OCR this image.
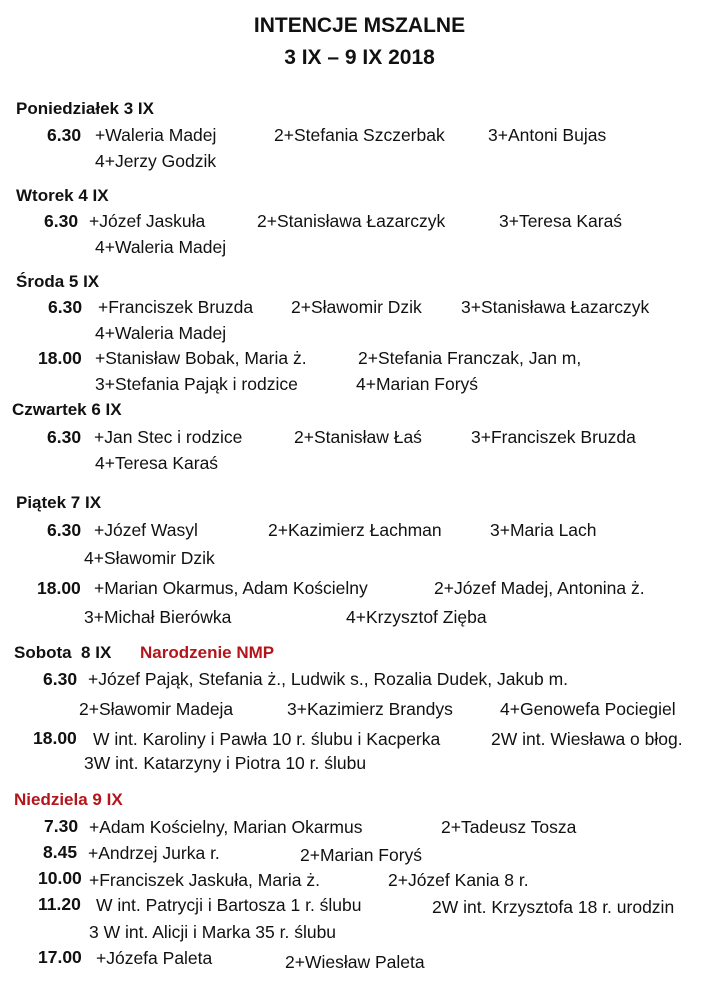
INTENCJE MSZALNE
3 IX – 9 IX 2018
Poniedziałek 3 IX
6.30 +Waleria Madej	2+Stefania Szczerbak 3+Antoni Bujas
4+Jerzy Godzik
Wtorek 4 IX
6.30 +Józef Jaskuła	2+Stanisława Łazarczyk	3+Teresa Karaś
4+Waleria Madej
Środa 5 IX
6.30 +Franciszek Bruzda 2+Sławomir Dzik 3+Stanisława Łazarczyk
4+Waleria Madej
18.00 +Stanisław Bobak, Maria ż.	2+Stefania Franczak, Jan m,
3+Stefania Pająk i rodzice	4+Marian Foryś
Czwartek 6 IX
6.30 +Jan Stec i rodzice	2+Stanisław Łaś	3+Franciszek Bruzda
4+Teresa Karaś
Piątek 7 IX
6.30 +Józef Wasyl	2+Kazimierz Łachman	3+Maria Lach
4+Sławomir Dzik
18.00 +Marian Okarmus, Adam Kościelny	2+Józef Madej, Antonina ż.
3+Michał Bierówka	4+Krzysztof Zięba
Sobota  8 IX Narodzenie NMP
6.30 +Józef Pająk, Stefania ż., Ludwik s., Rozalia Dudek, Jakub m.
2+Sławomir Madeja	3+Kazimierz Brandys	4+Genowefa Pociegiel
18.00 W int. Karoliny i Pawła 10 r. ślubu i Kacperka	2W int. Wiesława o błog.
3W int. Katarzyny i Piotra 10 r. ślubu
Niedziela 9 IX
7.30 +Adam Kościelny, Marian Okarmus	2+Tadeusz Tosza
8.45 +Andrzej Jurka r.	2+Marian Foryś
10.00 +Franciszek Jaskuła, Maria ż.	2+Józef Kania 8 r.
11.20 W int. Patrycji i Bartosza 1 r. ślubu	2W int. Krzysztofa 18 r. urodzin
3 W int. Alicji i Marka 35 r. ślubu
17.00 +Józefa Paleta	2+Wiesław Paleta
